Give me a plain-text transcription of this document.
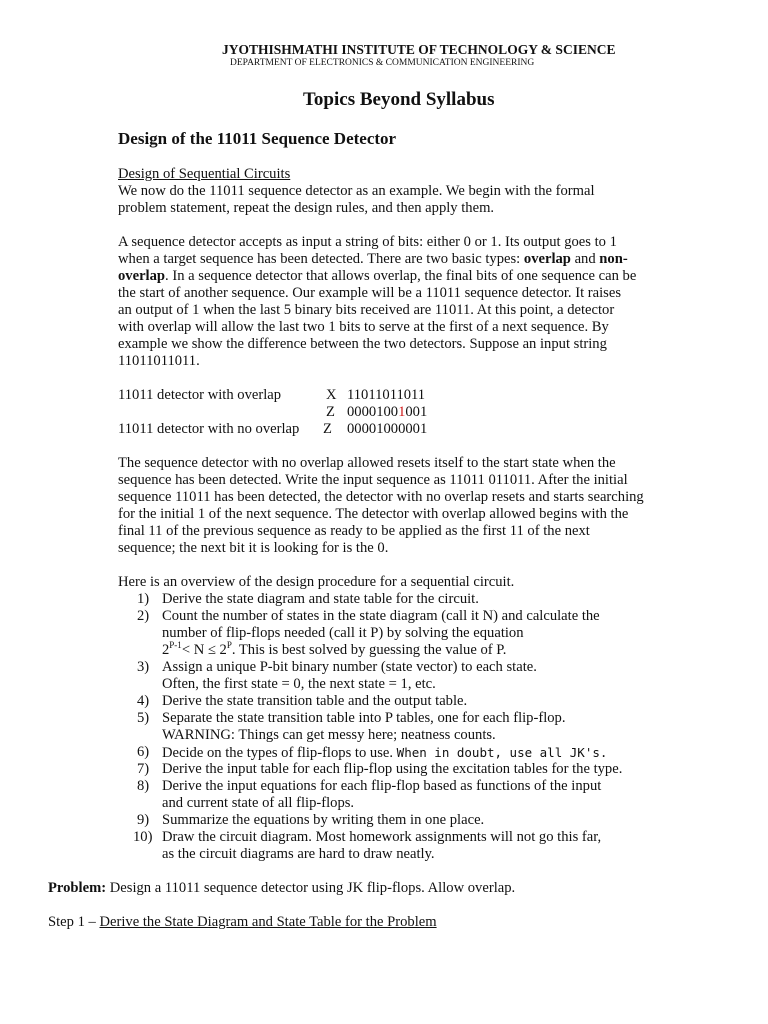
JYOTHISHMATHI INSTITUTE OF TECHNOLOGY & SCIENCE
DEPARTMENT OF ELECTRONICS & COMMUNICATION ENGINEERING
Topics Beyond Syllabus
Design of the 11011 Sequence Detector
Design of Sequential Circuits
We now do the 11011 sequence detector as an example. We begin with the formal
problem statement, repeat the design rules, and then apply them.
A sequence detector accepts as input a string of bits: either 0 or 1. Its output goes to 1
when a target sequence has been detected. There are two basic types: overlap and non-
overlap. In a sequence detector that allows overlap, the final bits of one sequence can be
the start of another sequence. Our example will be a 11011 sequence detector. It raises
an output of 1 when the last 5 binary bits received are 11011. At this point, a detector
with overlap will allow the last two 1 bits to serve at the first of a next sequence. By
example we show the difference between the two detectors. Suppose an input string
11011011011.
11011 detector with overlap	X 11011011011
Z 00001001001
11011 detector with no overlap Z 00001000001
The sequence detector with no overlap allowed resets itself to the start state when the
sequence has been detected. Write the input sequence as 11011 011011. After the initial
sequence 11011 has been detected, the detector with no overlap resets and starts searching
for the initial 1 of the next sequence. The detector with overlap allowed begins with the
final 11 of the previous sequence as ready to be applied as the first 11 of the next
sequence; the next bit it is looking for is the 0.
Here is an overview of the design procedure for a sequential circuit.
1) Derive the state diagram and state table for the circuit.
2) Count the number of states in the state diagram (call it N) and calculate the
number of flip-flops needed (call it P) by solving the equation
$2^{P-1}< N \le 2^P$. This is best solved by guessing the value of P.
3) Assign a unique P-bit binary number (state vector) to each state.
Often, the first state = 0, the next state = 1, etc.
4) Derive the state transition table and the output table.
5) Separate the state transition table into P tables, one for each flip-flop.
WARNING: Things can get messy here; neatness counts.
6) Decide on the types of flip-flops to use. When in doubt, use all JK's.
7) Derive the input table for each flip-flop using the excitation tables for the type.
8) Derive the input equations for each flip-flop based as functions of the input
and current state of all flip-flops.
9) Summarize the equations by writing them in one place.
10) Draw the circuit diagram. Most homework assignments will not go this far,
as the circuit diagrams are hard to draw neatly.
Problem: Design a 11011 sequence detector using JK flip-flops. Allow overlap.
Step 1 – Derive the State Diagram and State Table for the Problem
